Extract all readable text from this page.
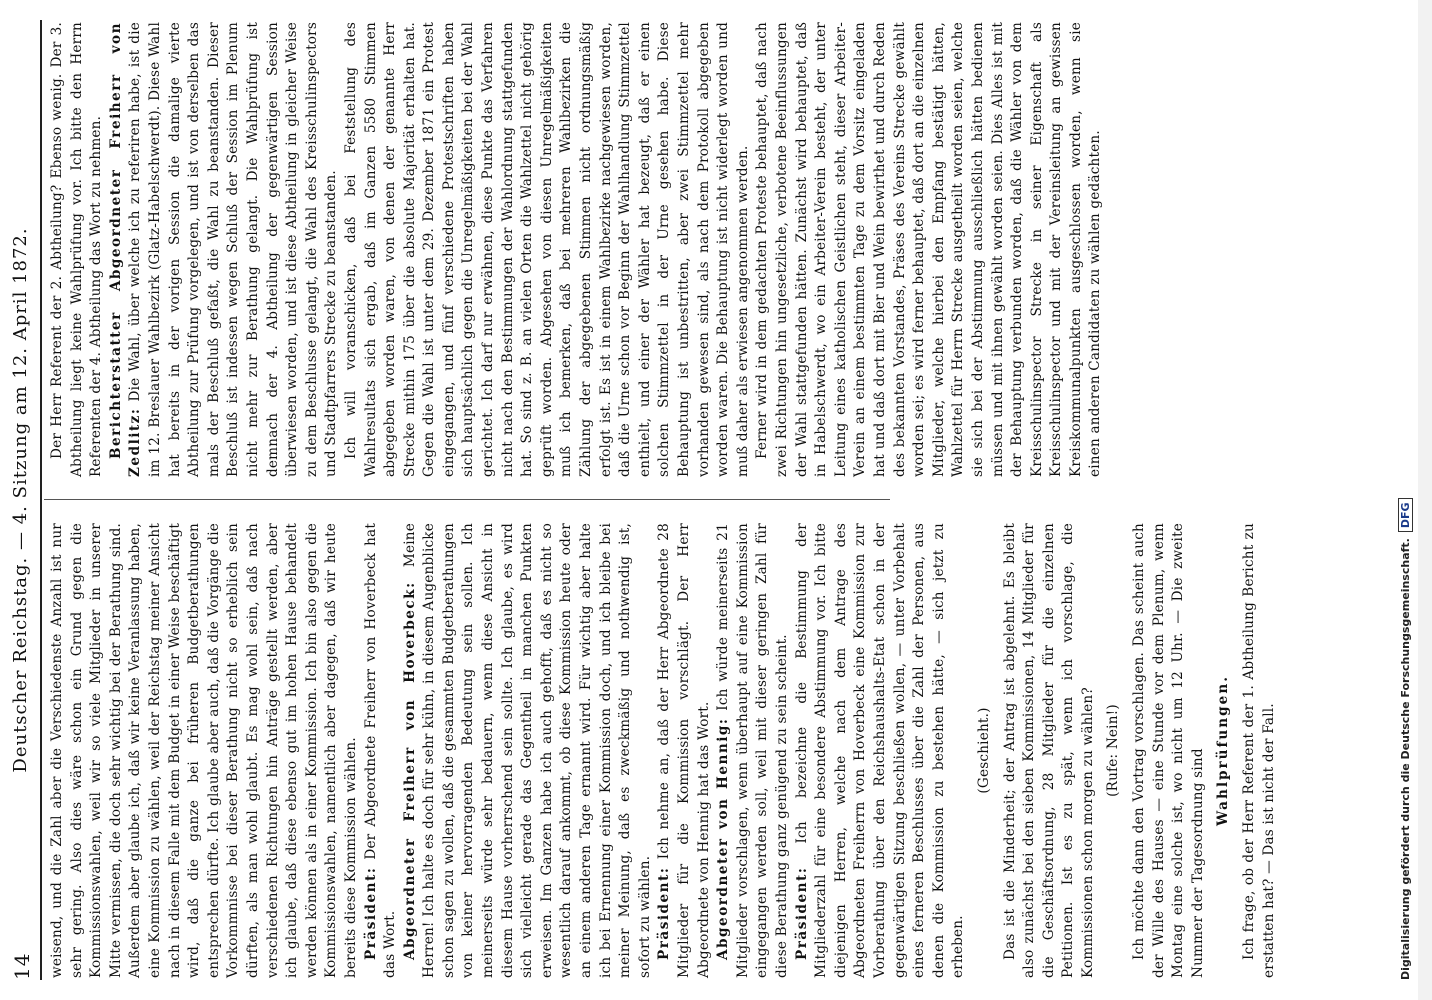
14
Deutscher Reichstag. — 4. Sitzung am 12. April 1872. weisend, und die Zahl aber die Verschiedenste Anzahl ist nur sehr gering. Also dies wäre schon ein Grund gegen die Kommissionswahlen, weil wir so viele Mitglieder in unserer Mitte vermissen, die doch sehr wichtig bei der Berathung sind. Außerdem aber glaube ich, daß wir keine Veranlassung haben, eine Kommission zu wählen, weil der Reichstag meiner Ansicht nach in diesem Falle mit dem Budget in einer Weise beschäftigt wird, daß die ganze bei früheren Budgetberathungen entsprechen dürfte. Ich glaube aber auch, daß die Vorgänge die Vorkommnisse bei dieser Berathung nicht so erheblich sein dürften, als man wohl glaubt. Es mag wohl sein, daß nach verschiedenen Richtungen hin Anträge gestellt werden, aber ich glaube, daß diese ebenso gut im hohen Hause behandelt werden können als in einer Kommission. Ich bin also gegen die Kommissionswahlen, namentlich aber dagegen, daß wir heute bereits diese Kommission wählen. Präsident: Der Abgeordnete Freiherr von Hoverbeck hat das Wort. Abgeordneter Freiherr von Hoverbeck: Meine Herren! Ich halte es doch für sehr kühn, in diesem Augenblicke schon sagen zu wollen, daß die gesammten Budgetberathungen von keiner hervorragenden Bedeutung sein sollen. Ich meinerseits würde sehr bedauern, wenn diese Ansicht in diesem Hause vorherrschend sein sollte. Ich glaube, es wird sich vielleicht gerade das Gegentheil in manchen Punkten erweisen. Im Ganzen habe ich auch gehofft, daß es nicht so wesentlich darauf ankommt, ob diese Kommission heute oder an einem anderen Tage ernannt wird. Für wichtig aber halte ich bei Ernennung einer Kommission doch, und ich bleibe bei meiner Meinung, daß es zweckmäßig und nothwendig ist, sofort zu wählen. Präsident: Ich nehme an, daß der Herr Abgeordnete 28 Mitglieder für die Kommission vorschlägt. Der Herr Abgeordnete von Hennig hat das Wort. Abgeordneter von Hennig: Ich würde meinerseits 21 Mitglieder vorschlagen, wenn überhaupt auf eine Kommission eingegangen werden soll, weil mit dieser geringen Zahl für diese Berathung ganz genügend zu sein scheint. Präsident: Ich bezeichne die Bestimmung der Mitgliederzahl für eine besondere Abstimmung vor. Ich bitte diejenigen Herren, welche nach dem Antrage des Abgeordneten Freiherrn von Hoverbeck eine Kommission zur Vorberathung über den Reichshaushalts-Etat schon in der gegenwärtigen Sitzung beschließen wollen, — unter Vorbehalt eines ferneren Beschlusses über die Zahl der Personen, aus denen die Kommission zu bestehen hätte, — sich jetzt zu erheben.

(Geschieht.) Das ist die Minderheit; der Antrag ist abgelehnt. Es bleibt also zunächst bei den sieben Kommissionen, 14 Mitglieder für die Geschäftsordnung, 28 Mitglieder für die einzelnen Petitionen. Ist es zu spät, wenn ich vorschlage, die Kommissionen schon morgen zu wählen? (Rufe: Nein!) Ich möchte dann den Vortrag vorschlagen. Das scheint auch der Wille des Hauses — eine Stunde vor dem Plenum, wenn Montag eine solche ist, wo nicht um 12 Uhr. — Die zweite Nummer der Tagesordnung sind Wahlprüfungen. Ich frage, ob der Herr Referent der 1. Abtheilung Bericht zu erstatten hat? — Das ist nicht der Fall.

Der Herr Referent der 2. Abtheilung? Ebenso wenig. Der 3. Abtheilung liegt keine Wahlprüfung vor. Ich bitte den Herrn Referenten der 4. Abtheilung das Wort zu nehmen. Berichterstatter Abgeordneter Freiherr von Zedlitz: Die Wahl, über welche ich zu referiren habe, ist die im 12. Breslauer Wahlbezirk (Glatz-Habelschwerdt). Diese Wahl hat bereits in der vorigen Session die damalige vierte Abtheilung zur Prüfung vorgelegen, und ist von derselben das mals der Beschluß gefaßt, die Wahl zu beanstanden. Dieser Beschluß ist indessen wegen Schluß der Session im Plenum nicht mehr zur Berathung gelangt. Die Wahlprüfung ist demnach der 4. Abtheilung der gegenwärtigen Session überwiesen worden, und ist diese Abtheilung in gleicher Weise zu dem Beschlusse gelangt, die Wahl des Kreisschulinspectors und Stadtpfarrers Strecke zu beanstanden. Ich will voranschicken, daß bei Feststellung des Wahlresultats sich ergab, daß im Ganzen 5580 Stimmen abgegeben worden waren, von denen der genannte Herr Strecke mithin 175 über die absolute Majorität erhalten hat. Gegen die Wahl ist unter dem 29. Dezember 1871 ein Protest eingegangen, und fünf verschiedene Protestschriften haben sich hauptsächlich gegen die Unregelmäßigkeiten bei der Wahl gerichtet. Ich darf nur erwähnen, diese Punkte das Verfahren nicht nach den Bestimmungen der Wahlordnung stattgefunden hat. So sind z. B. an vielen Orten die Wahlzettel nicht gehörig geprüft worden. Abgesehen von diesen Unregelmäßigkeiten muß ich bemerken, daß bei mehreren Wahlbezirken die Zählung der abgegebenen Stimmen nicht ordnungsmäßig erfolgt ist. Es ist in einem Wahlbezirke nachgewiesen worden, daß die Urne schon vor Beginn der Wahlhandlung Stimmzettel enthielt, und einer der Wähler hat bezeugt, daß er einen solchen Stimmzettel in der Urne gesehen habe. Diese Behauptung ist unbestritten, aber zwei Stimmzettel mehr vorhanden gewesen sind, als nach dem Protokoll abgegeben worden waren. Die Behauptung ist nicht widerlegt worden und muß daher als erwiesen angenommen werden. Ferner wird in dem gedachten Proteste behauptet, daß nach zwei Richtungen hin ungesetzliche, verbotene Beeinflussungen der Wahl stattgefunden hätten. Zunächst wird behauptet, daß in Habelschwerdt, wo ein Arbeiter-Verein besteht, der unter Leitung eines katholischen Geistlichen steht, dieser Arbeiter-Verein an einem bestimmten Tage zu dem Vorsitz eingeladen hat und daß dort mit Bier und Wein bewirthet und durch Reden des bekannten Vorstandes, Präses des Vereins Strecke gewählt worden sei; es wird ferner behauptet, daß dort an die einzelnen Mitglieder, welche hierbei den Empfang bestätigt hätten, Wahlzettel für Herrn Strecke ausgetheilt worden seien, welche sie sich bei der Abstimmung ausschließlich hätten bedienen müssen und mit ihnen gewählt worden seien. Dies Alles ist mit der Behauptung verbunden worden, daß die Wähler von dem Kreisschulinspector Strecke in seiner Eigenschaft als Kreisschulinspector und mit der Vereinsleitung an gewissen Kreiskommunalpunkten ausgeschlossen worden, wenn sie einen anderen Candidaten zu wählen gedächten.

Digitalisierung gefördert durch die Deutsche Forschungsgemeinschaft.DFG
